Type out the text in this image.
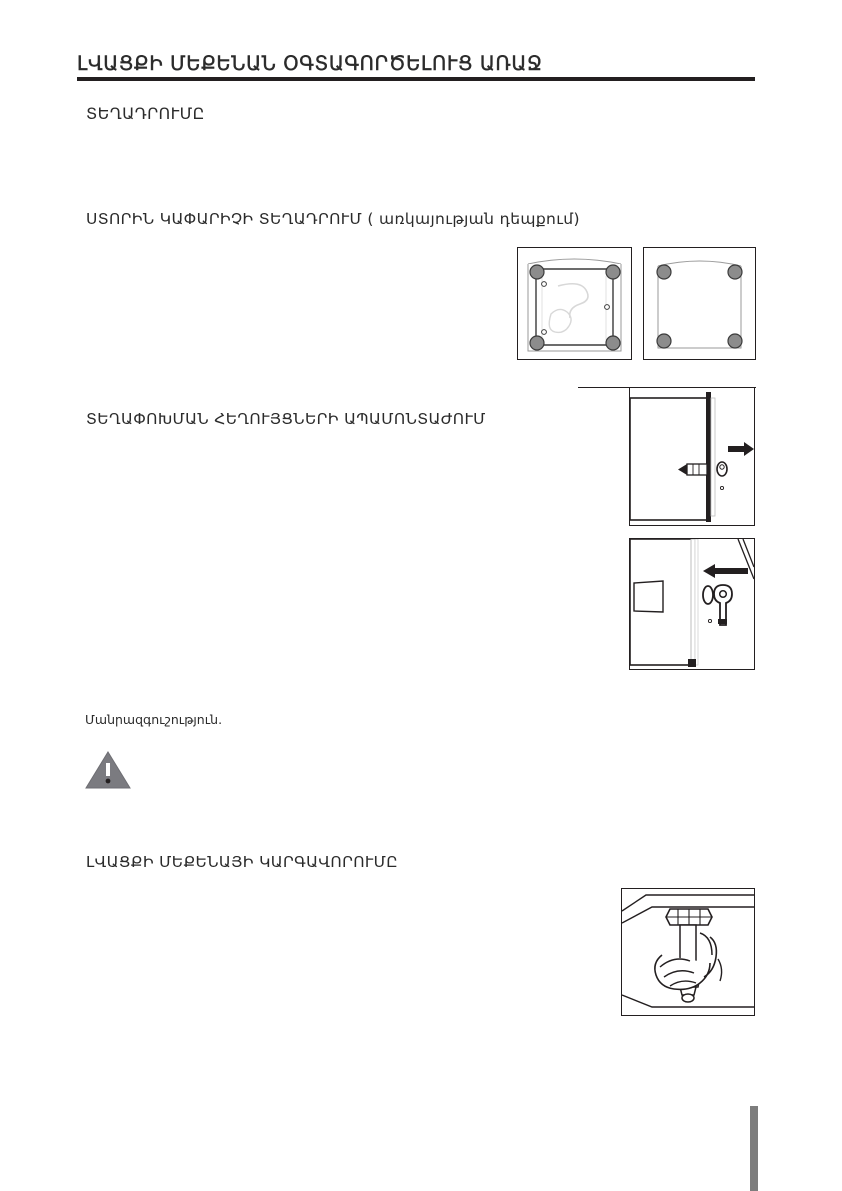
ԼՎԱՑՔԻ ՄԵՔԵՆԱՆ ՕԳՏԱԳՈՐԾԵԼՈՒՑ ԱՌԱՋ
ՏԵՂԱԴՐՈՒՄԸ
ՍՏՈՐԻՆ ԿԱՓԱՐԻՉԻ ՏԵՂԱԴՐՈՒՄ ( առկայության դեպքում)
ՏԵՂԱՓՈԽՄԱՆ ՀԵՂՈՒՅՑՆԵՐԻ ԱՊԱՄՈՆՏԱԺՈՒՄ
Մանրազգուշություն.
ԼՎԱՑՔԻ ՄԵՔԵՆԱՅԻ ԿԱՐԳԱՎՈՐՈՒՄԸ
